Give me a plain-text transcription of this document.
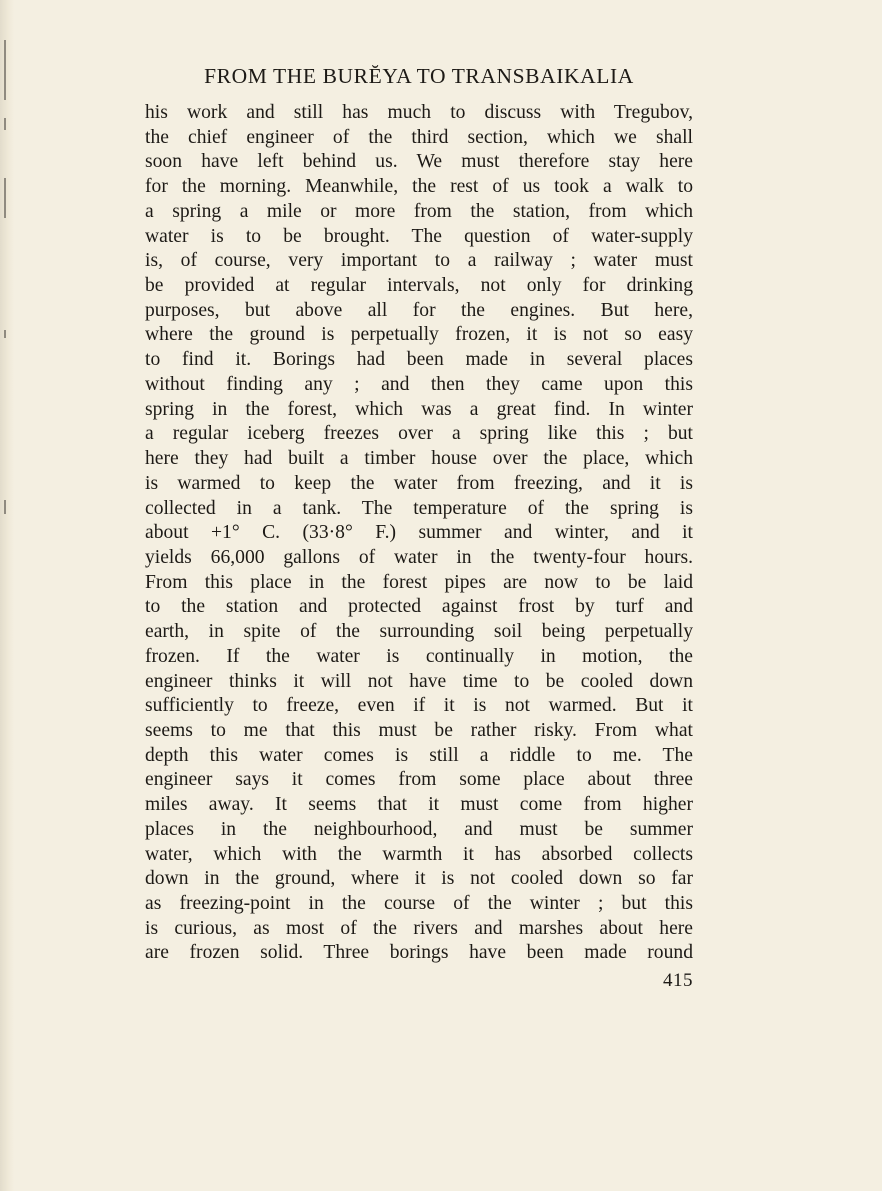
FROM THE BURĔYA TO TRANSBAIKALIA
his work and still has much to discuss with Tregubov,
the chief engineer of the third section, which we shall
soon have left behind us. We must therefore stay here
for the morning. Meanwhile, the rest of us took a walk to
a spring a mile or more from the station, from which
water is to be brought. The question of water-supply
is, of course, very important to a railway ; water must
be provided at regular intervals, not only for drinking
purposes, but above all for the engines. But here,
where the ground is perpetually frozen, it is not so easy
to find it. Borings had been made in several places
without finding any ; and then they came upon this
spring in the forest, which was a great find. In winter
a regular iceberg freezes over a spring like this ; but
here they had built a timber house over the place, which
is warmed to keep the water from freezing, and it is
collected in a tank. The temperature of the spring is
about +1° C. (33·8° F.) summer and winter, and it
yields 66,000 gallons of water in the twenty-four hours.
From this place in the forest pipes are now to be laid
to the station and protected against frost by turf and
earth, in spite of the surrounding soil being perpetually
frozen. If the water is continually in motion, the
engineer thinks it will not have time to be cooled down
sufficiently to freeze, even if it is not warmed. But it
seems to me that this must be rather risky. From what
depth this water comes is still a riddle to me. The
engineer says it comes from some place about three
miles away. It seems that it must come from higher
places in the neighbourhood, and must be summer
water, which with the warmth it has absorbed collects
down in the ground, where it is not cooled down so far
as freezing-point in the course of the winter ; but this
is curious, as most of the rivers and marshes about here
are frozen solid. Three borings have been made round
415
